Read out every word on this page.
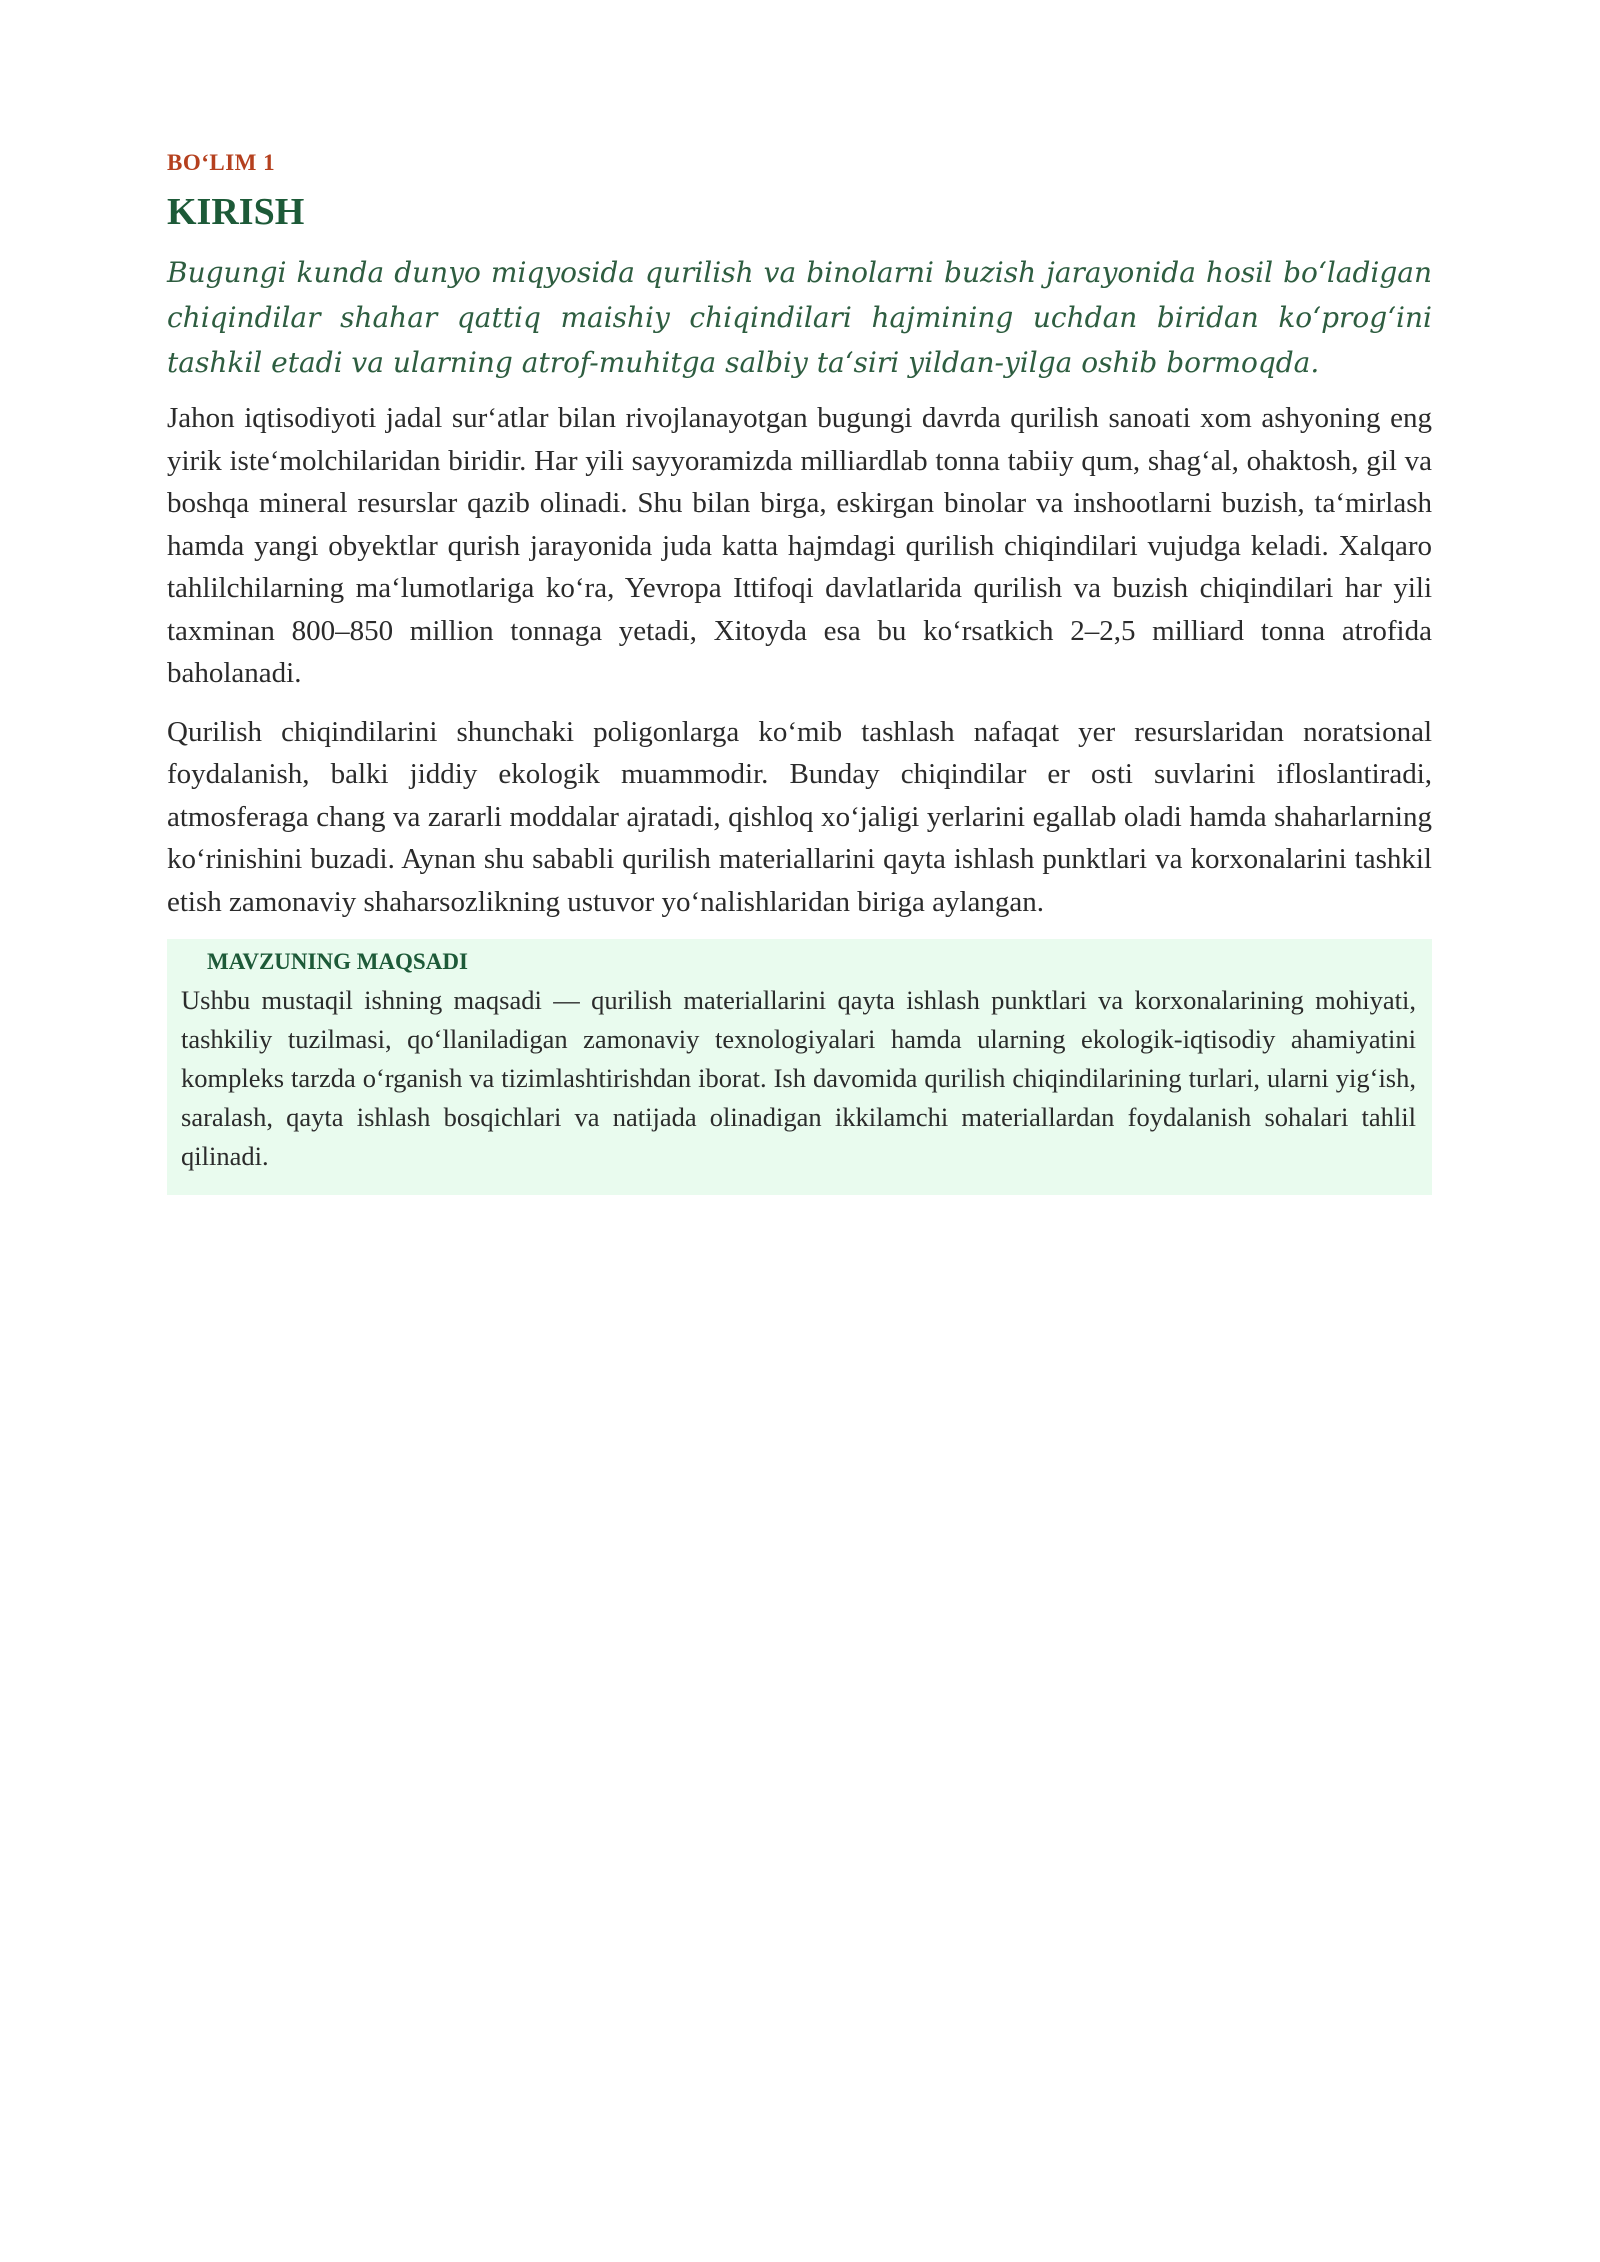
BO‘LIM 1
KIRISH

Bugungi kunda dunyo miqyosida qurilish va binolarni buzish jarayonida hosil bo‘ladigan chiqindilar shahar qattiq maishiy chiqindilari hajmining uchdan biridan ko‘prog‘ini tashkil etadi va ularning atrof-muhitga salbiy ta‘siri yildan-yilga oshib bormoqda.

Jahon iqtisodiyoti jadal sur‘atlar bilan rivojlanayotgan bugungi davrda qurilish sanoati xom ashyoning eng yirik iste‘molchilaridan biridir. Har yili sayyoramizda milliardlab tonna tabiiy qum, shag‘al, ohaktosh, gil va boshqa mineral resurslar qazib olinadi. Shu bilan birga, eskirgan binolar va inshootlarni buzish, ta‘mirlash hamda yangi obyektlar qurish jarayonida juda katta hajmdagi qurilish chiqindilari vujudga keladi. Xalqaro tahlilchilarning ma‘lumotlariga ko‘ra, Yevropa Ittifoqi davlatlarida qurilish va buzish chiqindilari har yili taxminan 800–850 million tonnaga yetadi, Xitoyda esa bu ko‘rsatkich 2–2,5 milliard tonna atrofida baholanadi.

Qurilish chiqindilarini shunchaki poligonlarga ko‘mib tashlash nafaqat yer resurslaridan noratsional foydalanish, balki jiddiy ekologik muammodir. Bunday chiqindilar er osti suvlarini ifloslantiradi, atmosferaga chang va zararli moddalar ajratadi, qishloq xo‘jaligi yerlarini egallab oladi hamda shaharlarning ko‘rinishini buzadi. Aynan shu sababli qurilish materiallarini qayta ishlash punktlari va korxonalarini tashkil etish zamonaviy shaharsozlikning ustuvor yo‘nalishlaridan biriga aylangan.

MAVZUNING MAQSADI

Ushbu mustaqil ishning maqsadi — qurilish materiallarini qayta ishlash punktlari va korxonalarining mohiyati, tashkiliy tuzilmasi, qo‘llaniladigan zamonaviy texnologiyalari hamda ularning ekologik-iqtisodiy ahamiyatini kompleks tarzda o‘rganish va tizimlashtirishdan iborat. Ish davomida qurilish chiqindilarining turlari, ularni yig‘ish, saralash, qayta ishlash bosqichlari va natijada olinadigan ikkilamchi materiallardan foydalanish sohalari tahlil qilinadi.
